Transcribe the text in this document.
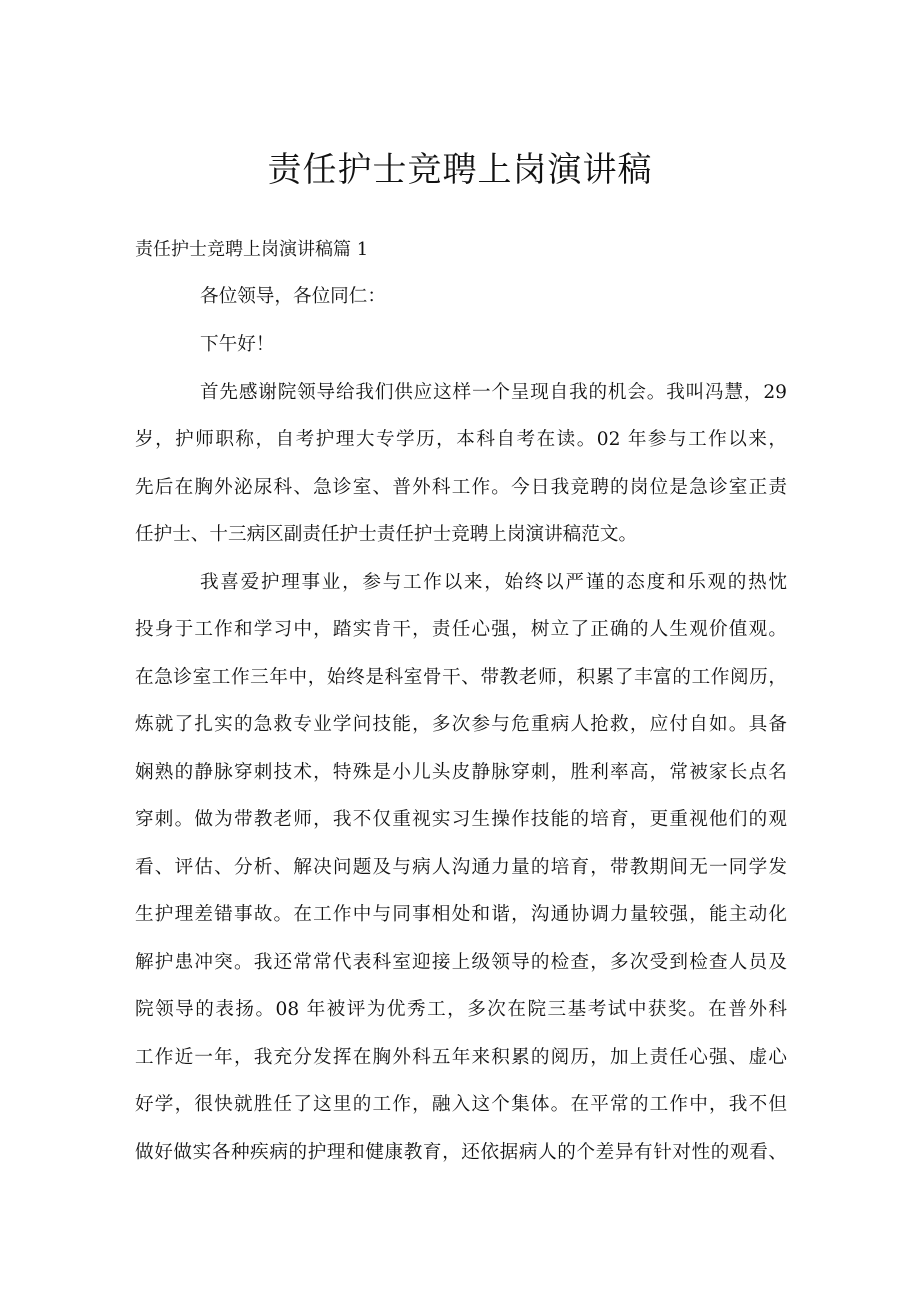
责任护士竞聘上岗演讲稿

责任护士竞聘上岗演讲稿篇 1

各位领导，各位同仁：

下午好！

首先感谢院领导给我们供应这样一个呈现自我的机会。我叫冯慧，29

岁，护师职称，自考护理大专学历，本科自考在读。02 年参与工作以来，

先后在胸外泌尿科、急诊室、普外科工作。今日我竞聘的岗位是急诊室正责

任护士、十三病区副责任护士责任护士竞聘上岗演讲稿范文。

我喜爱护理事业，参与工作以来，始终以严谨的态度和乐观的热忱

投身于工作和学习中，踏实肯干，责任心强，树立了正确的人生观价值观。

在急诊室工作三年中，始终是科室骨干、带教老师，积累了丰富的工作阅历，

炼就了扎实的急救专业学问技能，多次参与危重病人抢救，应付自如。具备

娴熟的静脉穿刺技术，特殊是小儿头皮静脉穿刺，胜利率高，常被家长点名

穿刺。做为带教老师，我不仅重视实习生操作技能的培育，更重视他们的观

看、评估、分析、解决问题及与病人沟通力量的培育，带教期间无一同学发

生护理差错事故。在工作中与同事相处和谐，沟通协调力量较强，能主动化

解护患冲突。我还常常代表科室迎接上级领导的检查，多次受到检查人员及

院领导的表扬。08 年被评为优秀工，多次在院三基考试中获奖。在普外科

工作近一年，我充分发挥在胸外科五年来积累的阅历，加上责任心强、虚心

好学，很快就胜任了这里的工作，融入这个集体。在平常的工作中，我不但

做好做实各种疾病的护理和健康教育，还依据病人的个差异有针对性的观看、
